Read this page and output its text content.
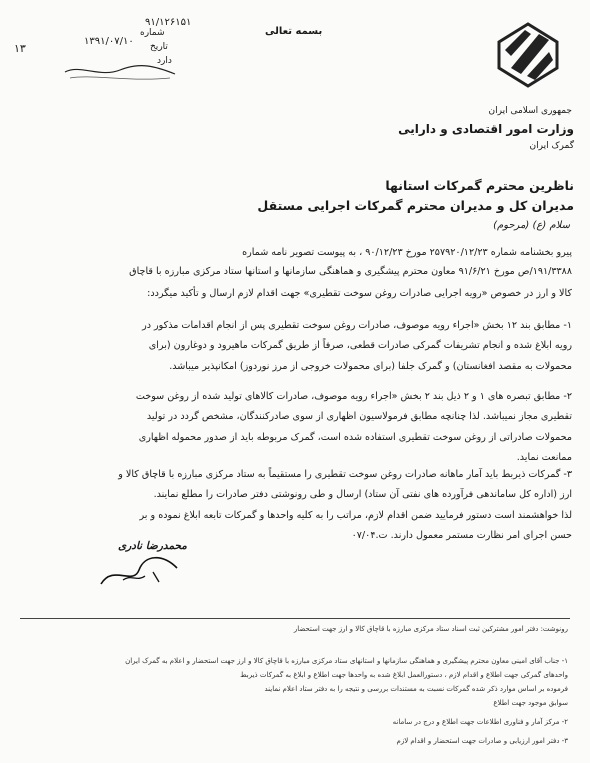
بسمه تعالی
۹۱/۱۲۶۱۵۱
شماره
۱۳۹۱/۰۷/۱۰ تاریخ
دارد
۱۳
جمهوری اسلامی ایران
وزارت امور اقتصادی و دارایی
گمرک ایران
ناظرین محترم گمرکات استانها
مدیران کل و مدیران محترم گمرکات اجرایی مستقل
سلام (ع) (مرحوم)
پیرو بخشنامه شماره ۲۵۷۹۲۰/۱۲/۲۳ مورخ ۹۰/۱۲/۲۳ ، به پیوست تصویر نامه شماره
۱۹۱/۳۳۸۸/ص مورخ ۹۱/۶/۲۱ معاون محترم پیشگیری و هماهنگی سازمانها و استانها ستاد مرکزی مبارزه با قاچاق
کالا و ارز در خصوص «رویه اجرایی صادرات روغن سوخت تقطیری» جهت اقدام لازم ارسال و تأکید میگردد:
۱- مطابق بند ۱۲ بخش «اجراء رویه موصوف، صادرات روغن سوخت تقطیری پس از انجام اقدامات مذکور در
رویه ابلاغ شده و انجام تشریفات گمرکی صادرات قطعی، صرفاً از طریق گمرکات ماهیرود و دوغارون (برای
محمولات به مقصد افغانستان) و گمرک جلفا (برای محمولات خروجی از مرز نوردوز) امکانپذیر میباشد.
۲- مطابق تبصره های ۱ و ۲ ذیل بند ۲ بخش «اجراء رویه موصوف، صادرات کالاهای تولید شده از روغن سوخت
تقطیری مجاز نمیباشد. لذا چنانچه مطابق فرمولاسیون اظهاری از سوی صادرکنندگان، مشخص گردد در تولید
محمولات صادراتی از روغن سوخت تقطیری استفاده شده است، گمرک مربوطه باید از صدور محموله اظهاری
ممانعت نماید.
۳- گمرکات ذیربط باید آمار ماهانه صادرات روغن سوخت تقطیری را مستقیماً به ستاد مرکزی مبارزه با قاچاق کالا و
ارز (اداره کل ساماندهی فرآورده های نفتی آن ستاد) ارسال و طی رونوشتی دفتر صادرات را مطلع نمایند.
لذا خواهشمند است دستور فرمایید ضمن اقدام لازم، مراتب را به کلیه واحدها و گمرکات تابعه ابلاغ نموده و بر
حسن اجرای امر نظارت مستمر معمول دارند. ت.۰۷/۰۴
محمدرضا نادری
رونوشت: دفتر امور مشترکین ثبت اسناد ستاد مرکزی مبارزه با قاچاق کالا و ارز جهت استحضار
۱- جناب آقای امینی معاون محترم پیشگیری و هماهنگی سازمانها و استانهای ستاد مرکزی مبارزه با قاچاق کالا و ارز جهت استحضار و اعلام به گمرک ایران
واحدهای گمرکی جهت اطلاع و اقدام لازم ، دستورالعمل ابلاغ شده به واحدها جهت اطلاع و ابلاغ به گمرکات ذیربط
فرموده بر اساس موارد ذکر شده گمرکات نسبت به مستندات بررسی و نتیجه را به دفتر ستاد اعلام نمایند
سوابق موجود جهت اطلاع
۲- مرکز آمار و فناوری اطلاعات جهت اطلاع و درج در سامانه
۳- دفتر امور ارزیابی و صادرات جهت استحضار و اقدام لازم
